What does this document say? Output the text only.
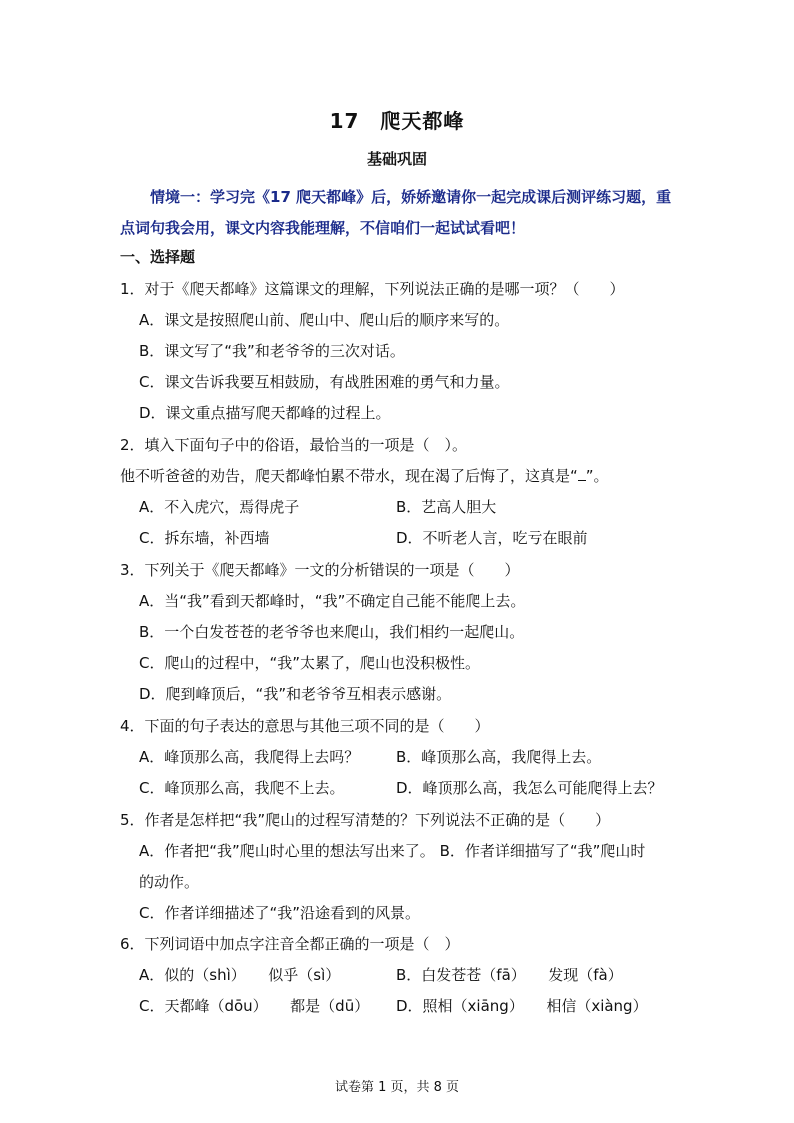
17　爬天都峰
基础巩固
情境一：学习完《17 爬天都峰》后，娇娇邀请你一起完成课后测评练习题，重点词句我会用，课文内容我能理解，不信咱们一起试试看吧！
一、选择题
1．对于《爬天都峰》这篇课文的理解，下列说法正确的是哪一项？（　　）
A．课文是按照爬山前、爬山中、爬山后的顺序来写的。
B．课文写了“我”和老爷爷的三次对话。
C．课文告诉我要互相鼓励，有战胜困难的勇气和力量。
D．课文重点描写爬天都峰的过程上。
2．填入下面句子中的俗语，最恰当的一项是（　）。
他不听爸爸的劝告，爬天都峰怕累不带水，现在渴了后悔了，这真是“ ”。
A．不入虎穴，焉得虎子	B．艺高人胆大
C．拆东墙，补西墙	D．不听老人言，吃亏在眼前
3．下列关于《爬天都峰》一文的分析错误的一项是（　　）
A．当“我”看到天都峰时，“我”不确定自己能不能爬上去。
B．一个白发苍苍的老爷爷也来爬山，我们相约一起爬山。
C．爬山的过程中，“我”太累了，爬山也没积极性。
D．爬到峰顶后，“我”和老爷爷互相表示感谢。
4．下面的句子表达的意思与其他三项不同的是（　　）
A．峰顶那么高，我爬得上去吗？ B．峰顶那么高，我爬得上去。
C．峰顶那么高，我爬不上去。	D．峰顶那么高，我怎么可能爬得上去？
5．作者是怎样把“我”爬山的过程写清楚的？下列说法不正确的是（　　）
A．作者把“我”爬山时心里的想法写出来了。 B．作者详细描写了“我”爬山时
的动作。
C．作者详细描述了“我”沿途看到的风景。
6．下列词语中加点字注音全都正确的一项是（　）
A．似的（shì）　　似乎（sì）	B．白发苍苍（fā）　　发现（fà）
C．天都峰（dōu）　　都是（dū） D．照相（xiāng）　　相信（xiàng）
试卷第 1 页，共 8 页
